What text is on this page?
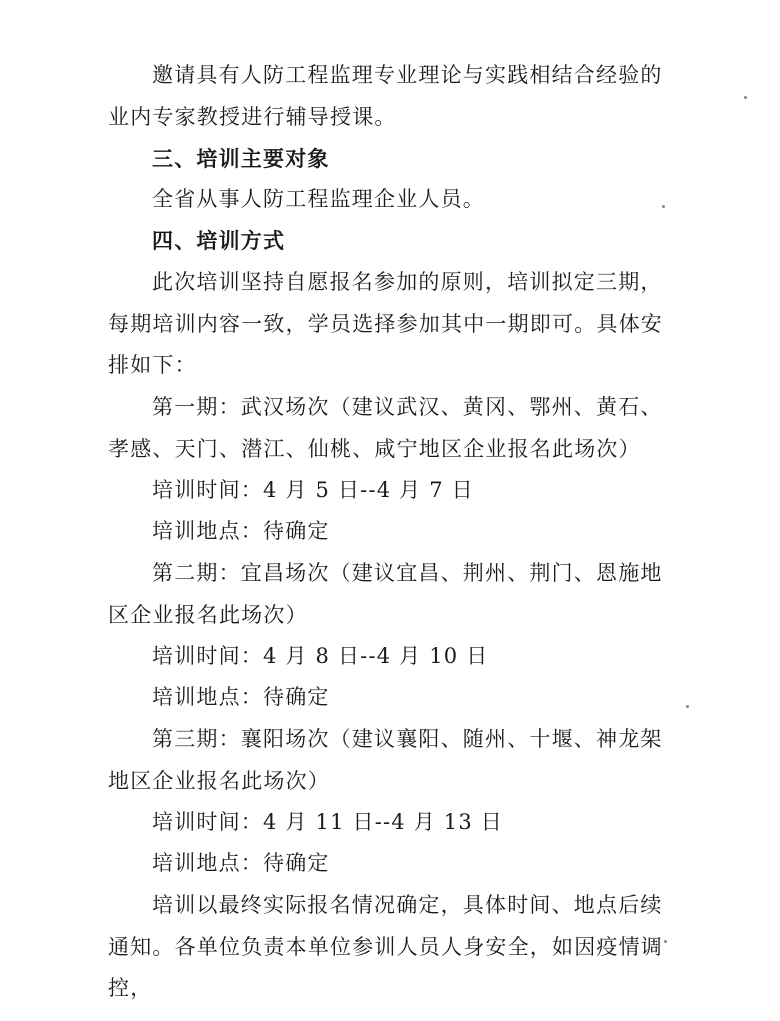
邀请具有人防工程监理专业理论与实践相结合经验的业内专家教授进行辅导授课。

三、培训主要对象

全省从事人防工程监理企业人员。

四、培训方式

此次培训坚持自愿报名参加的原则，培训拟定三期，每期培训内容一致，学员选择参加其中一期即可。具体安排如下：

第一期：武汉场次（建议武汉、黄冈、鄂州、黄石、孝感、天门、潜江、仙桃、咸宁地区企业报名此场次）

培训时间：4 月 5 日--4 月 7 日

培训地点：待确定

第二期：宜昌场次（建议宜昌、荆州、荆门、恩施地区企业报名此场次）

培训时间：4 月 8 日--4 月 10 日

培训地点：待确定

第三期：襄阳场次（建议襄阳、随州、十堰、神龙架地区企业报名此场次）

培训时间：4 月 11 日--4 月 13 日

培训地点：待确定

培训以最终实际报名情况确定，具体时间、地点后续通知。各单位负责本单位参训人员人身安全，如因疫情调控，
